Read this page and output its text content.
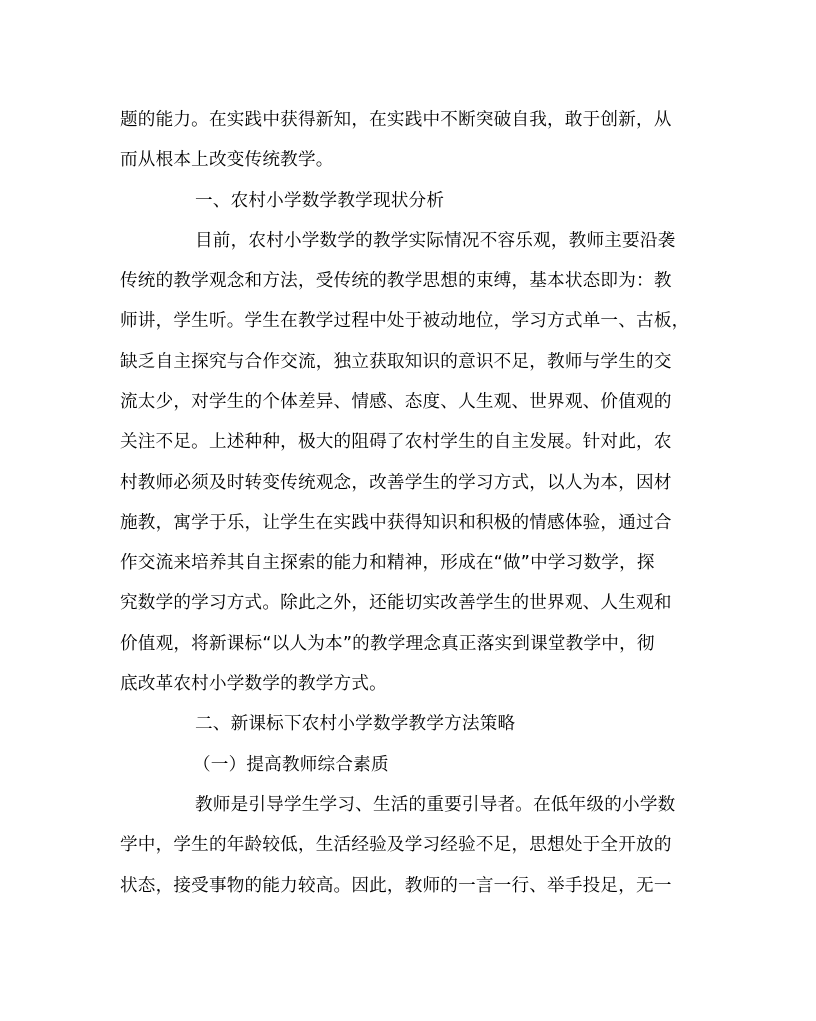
题的能力。在实践中获得新知，在实践中不断突破自我，敢于创新，从
而从根本上改变传统教学。
一、农村小学数学教学现状分析
目前，农村小学数学的教学实际情况不容乐观，教师主要沿袭
传统的教学观念和方法，受传统的教学思想的束缚，基本状态即为：教
师讲，学生听。学生在教学过程中处于被动地位，学习方式单一、古板，
缺乏自主探究与合作交流，独立获取知识的意识不足，教师与学生的交
流太少，对学生的个体差异、情感、态度、人生观、世界观、价值观的
关注不足。上述种种，极大的阻碍了农村学生的自主发展。针对此，农
村教师必须及时转变传统观念，改善学生的学习方式，以人为本，因材
施教，寓学于乐，让学生在实践中获得知识和积极的情感体验，通过合
作交流来培养其自主探索的能力和精神，形成在“做”中学习数学，探
究数学的学习方式。除此之外，还能切实改善学生的世界观、人生观和
价值观，将新课标“以人为本”的教学理念真正落实到课堂教学中，彻
底改革农村小学数学的教学方式。
二、新课标下农村小学数学教学方法策略
（一）提高教师综合素质
教师是引导学生学习、生活的重要引导者。在低年级的小学数
学中，学生的年龄较低，生活经验及学习经验不足，思想处于全开放的
状态，接受事物的能力较高。因此，教师的一言一行、举手投足，无一
